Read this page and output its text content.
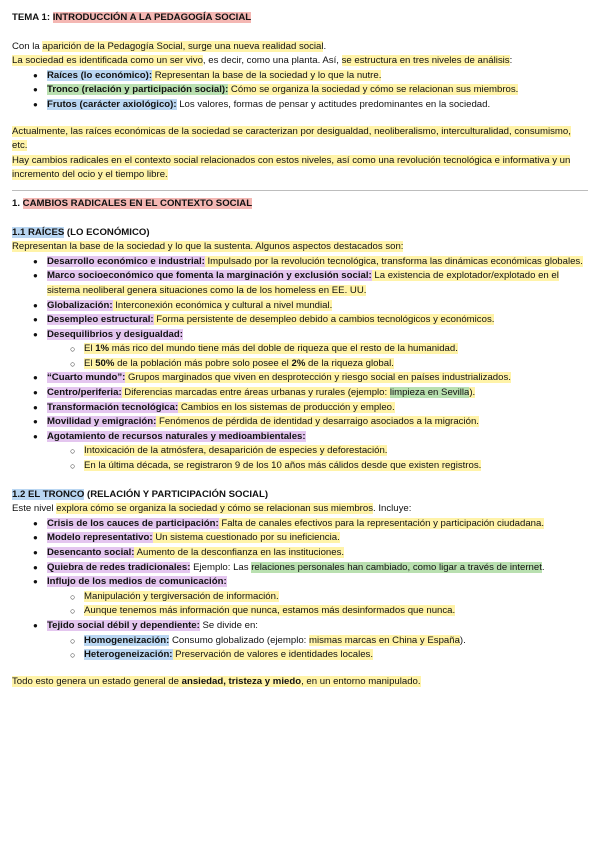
TEMA 1: INTRODUCCIÓN A LA PEDAGOGÍA SOCIAL

Con la aparición de la Pedagogía Social, surge una nueva realidad social.
La sociedad es identificada como un ser vivo, es decir, como una planta. Así, se estructura en tres niveles de análisis:

● Raíces (lo económico): Representan la base de la sociedad y lo que la nutre.
● Tronco (relación y participación social): Cómo se organiza la sociedad y cómo se relacionan sus miembros.
● Frutos (carácter axiológico): Los valores, formas de pensar y actitudes predominantes en la sociedad.

Actualmente, las raíces económicas de la sociedad se caracterizan por desigualdad, neoliberalismo, interculturalidad, consumismo, etc.

Hay cambios radicales en el contexto social relacionados con estos niveles, así como una revolución tecnológica e informativa y un incremento del ocio y el tiempo libre.

1. CAMBIOS RADICALES EN EL CONTEXTO SOCIAL

1.1 RAÍCES (LO ECONÓMICO)

Representan la base de la sociedad y lo que la sustenta. Algunos aspectos destacados son:

● Desarrollo económico e industrial: Impulsado por la revolución tecnológica, transforma las dinámicas económicas globales.
● Marco socioeconómico que fomenta la marginación y exclusión social: La existencia de explotador/explotado en el sistema neoliberal genera situaciones como la de los homeless en EE. UU.
● Globalización: Interconexión económica y cultural a nivel mundial.
● Desempleo estructural: Forma persistente de desempleo debido a cambios tecnológicos y económicos.
● Desequilibrios y desigualdad:
○ El 1% más rico del mundo tiene más del doble de riqueza que el resto de la humanidad.
○ El 50% de la población más pobre solo posee el 2% de la riqueza global.
● “Cuarto mundo”: Grupos marginados que viven en desprotección y riesgo social en países industrializados.
● Centro/periferia: Diferencias marcadas entre áreas urbanas y rurales (ejemplo: limpieza en Sevilla).
● Transformación tecnológica: Cambios en los sistemas de producción y empleo.
● Movilidad y emigración: Fenómenos de pérdida de identidad y desarraigo asociados a la migración.
● Agotamiento de recursos naturales y medioambientales:
○ Intoxicación de la atmósfera, desaparición de especies y deforestación.
○ En la última década, se registraron 9 de los 10 años más cálidos desde que existen registros.

1.2 EL TRONCO (RELACIÓN Y PARTICIPACIÓN SOCIAL)

Este nivel explora cómo se organiza la sociedad y cómo se relacionan sus miembros. Incluye:

● Crisis de los cauces de participación: Falta de canales efectivos para la representación y participación ciudadana.
● Modelo representativo: Un sistema cuestionado por su ineficiencia.
● Desencanto social: Aumento de la desconfianza en las instituciones.
● Quiebra de redes tradicionales: Ejemplo: Las relaciones personales han cambiado, como ligar a través de internet.
● Influjo de los medios de comunicación:
○ Manipulación y tergiversación de información.
○ Aunque tenemos más información que nunca, estamos más desinformados que nunca.
● Tejido social débil y dependiente: Se divide en:
○ Homogeneización: Consumo globalizado (ejemplo: mismas marcas en China y España).
○ Heterogeneización: Preservación de valores e identidades locales.

Todo esto genera un estado general de ansiedad, tristeza y miedo, en un entorno manipulado.
